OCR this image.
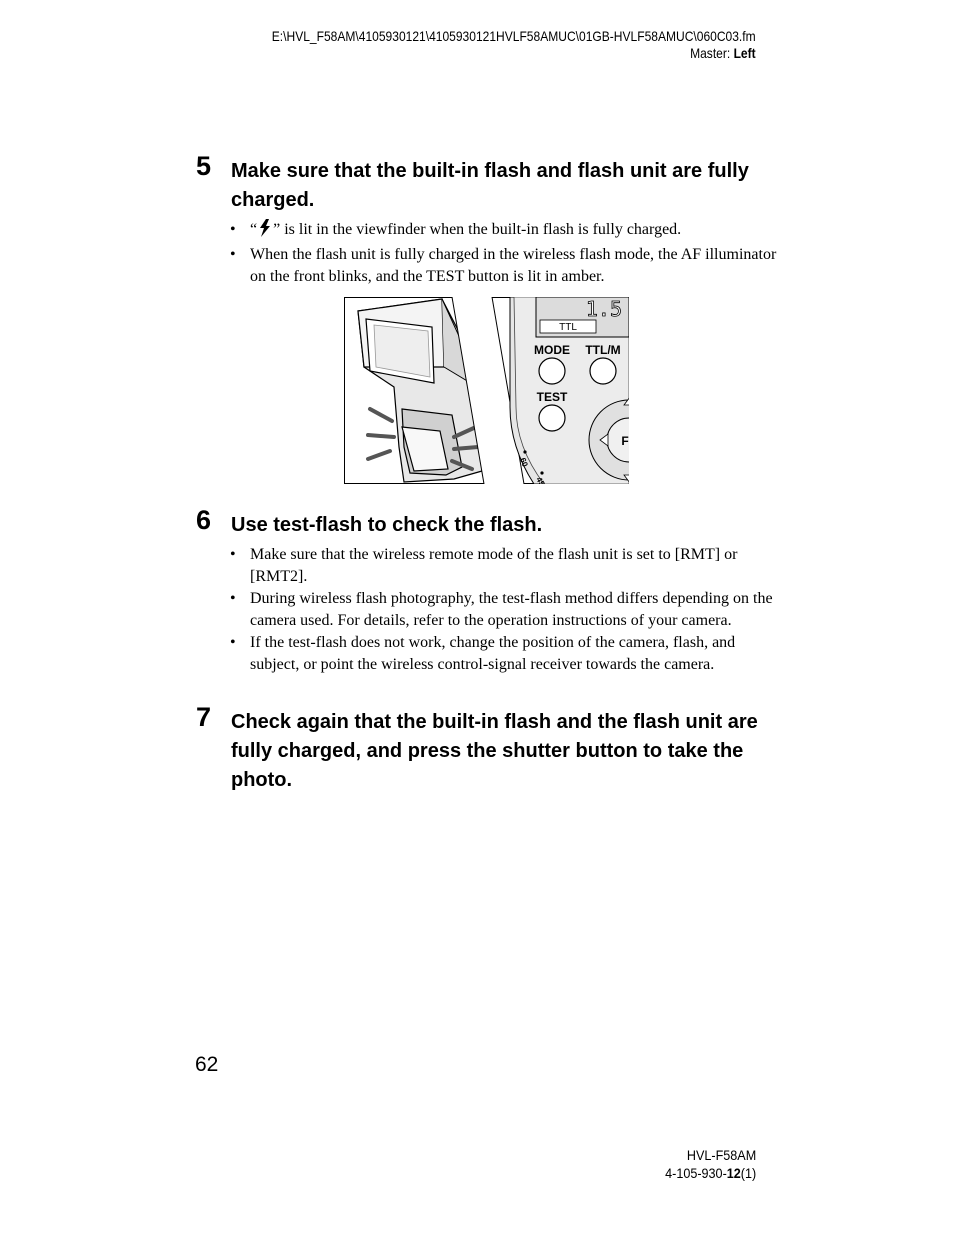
E:\HVL_F58AM\4105930121\4105930121HVLF58AMUC\01GB-HVLF58AMUC\060C03.fm
Master: Left
5 Make sure that the built-in flash and flash unit are fully charged.
• “ ” is lit in the viewfinder when the built-in flash is fully charged.
• When the flash unit is fully charged in the wireless flash mode, the AF illuminator on the front blinks, and the TEST button is lit in amber.
TTL
1.5
MODE TTL/M
TEST
F
60
45
6 Use test-flash to check the flash.
• Make sure that the wireless remote mode of the flash unit is set to [RMT] or [RMT2].
• During wireless flash photography, the test-flash method differs depending on the camera used. For details, refer to the operation instructions of your camera.
• If the test-flash does not work, change the position of the camera, flash, and subject, or point the wireless control-signal receiver towards the camera.
7 Check again that the built-in flash and the flash unit are fully charged, and press the shutter button to take the photo.
62
HVL-F58AM
4-105-930-12(1)
